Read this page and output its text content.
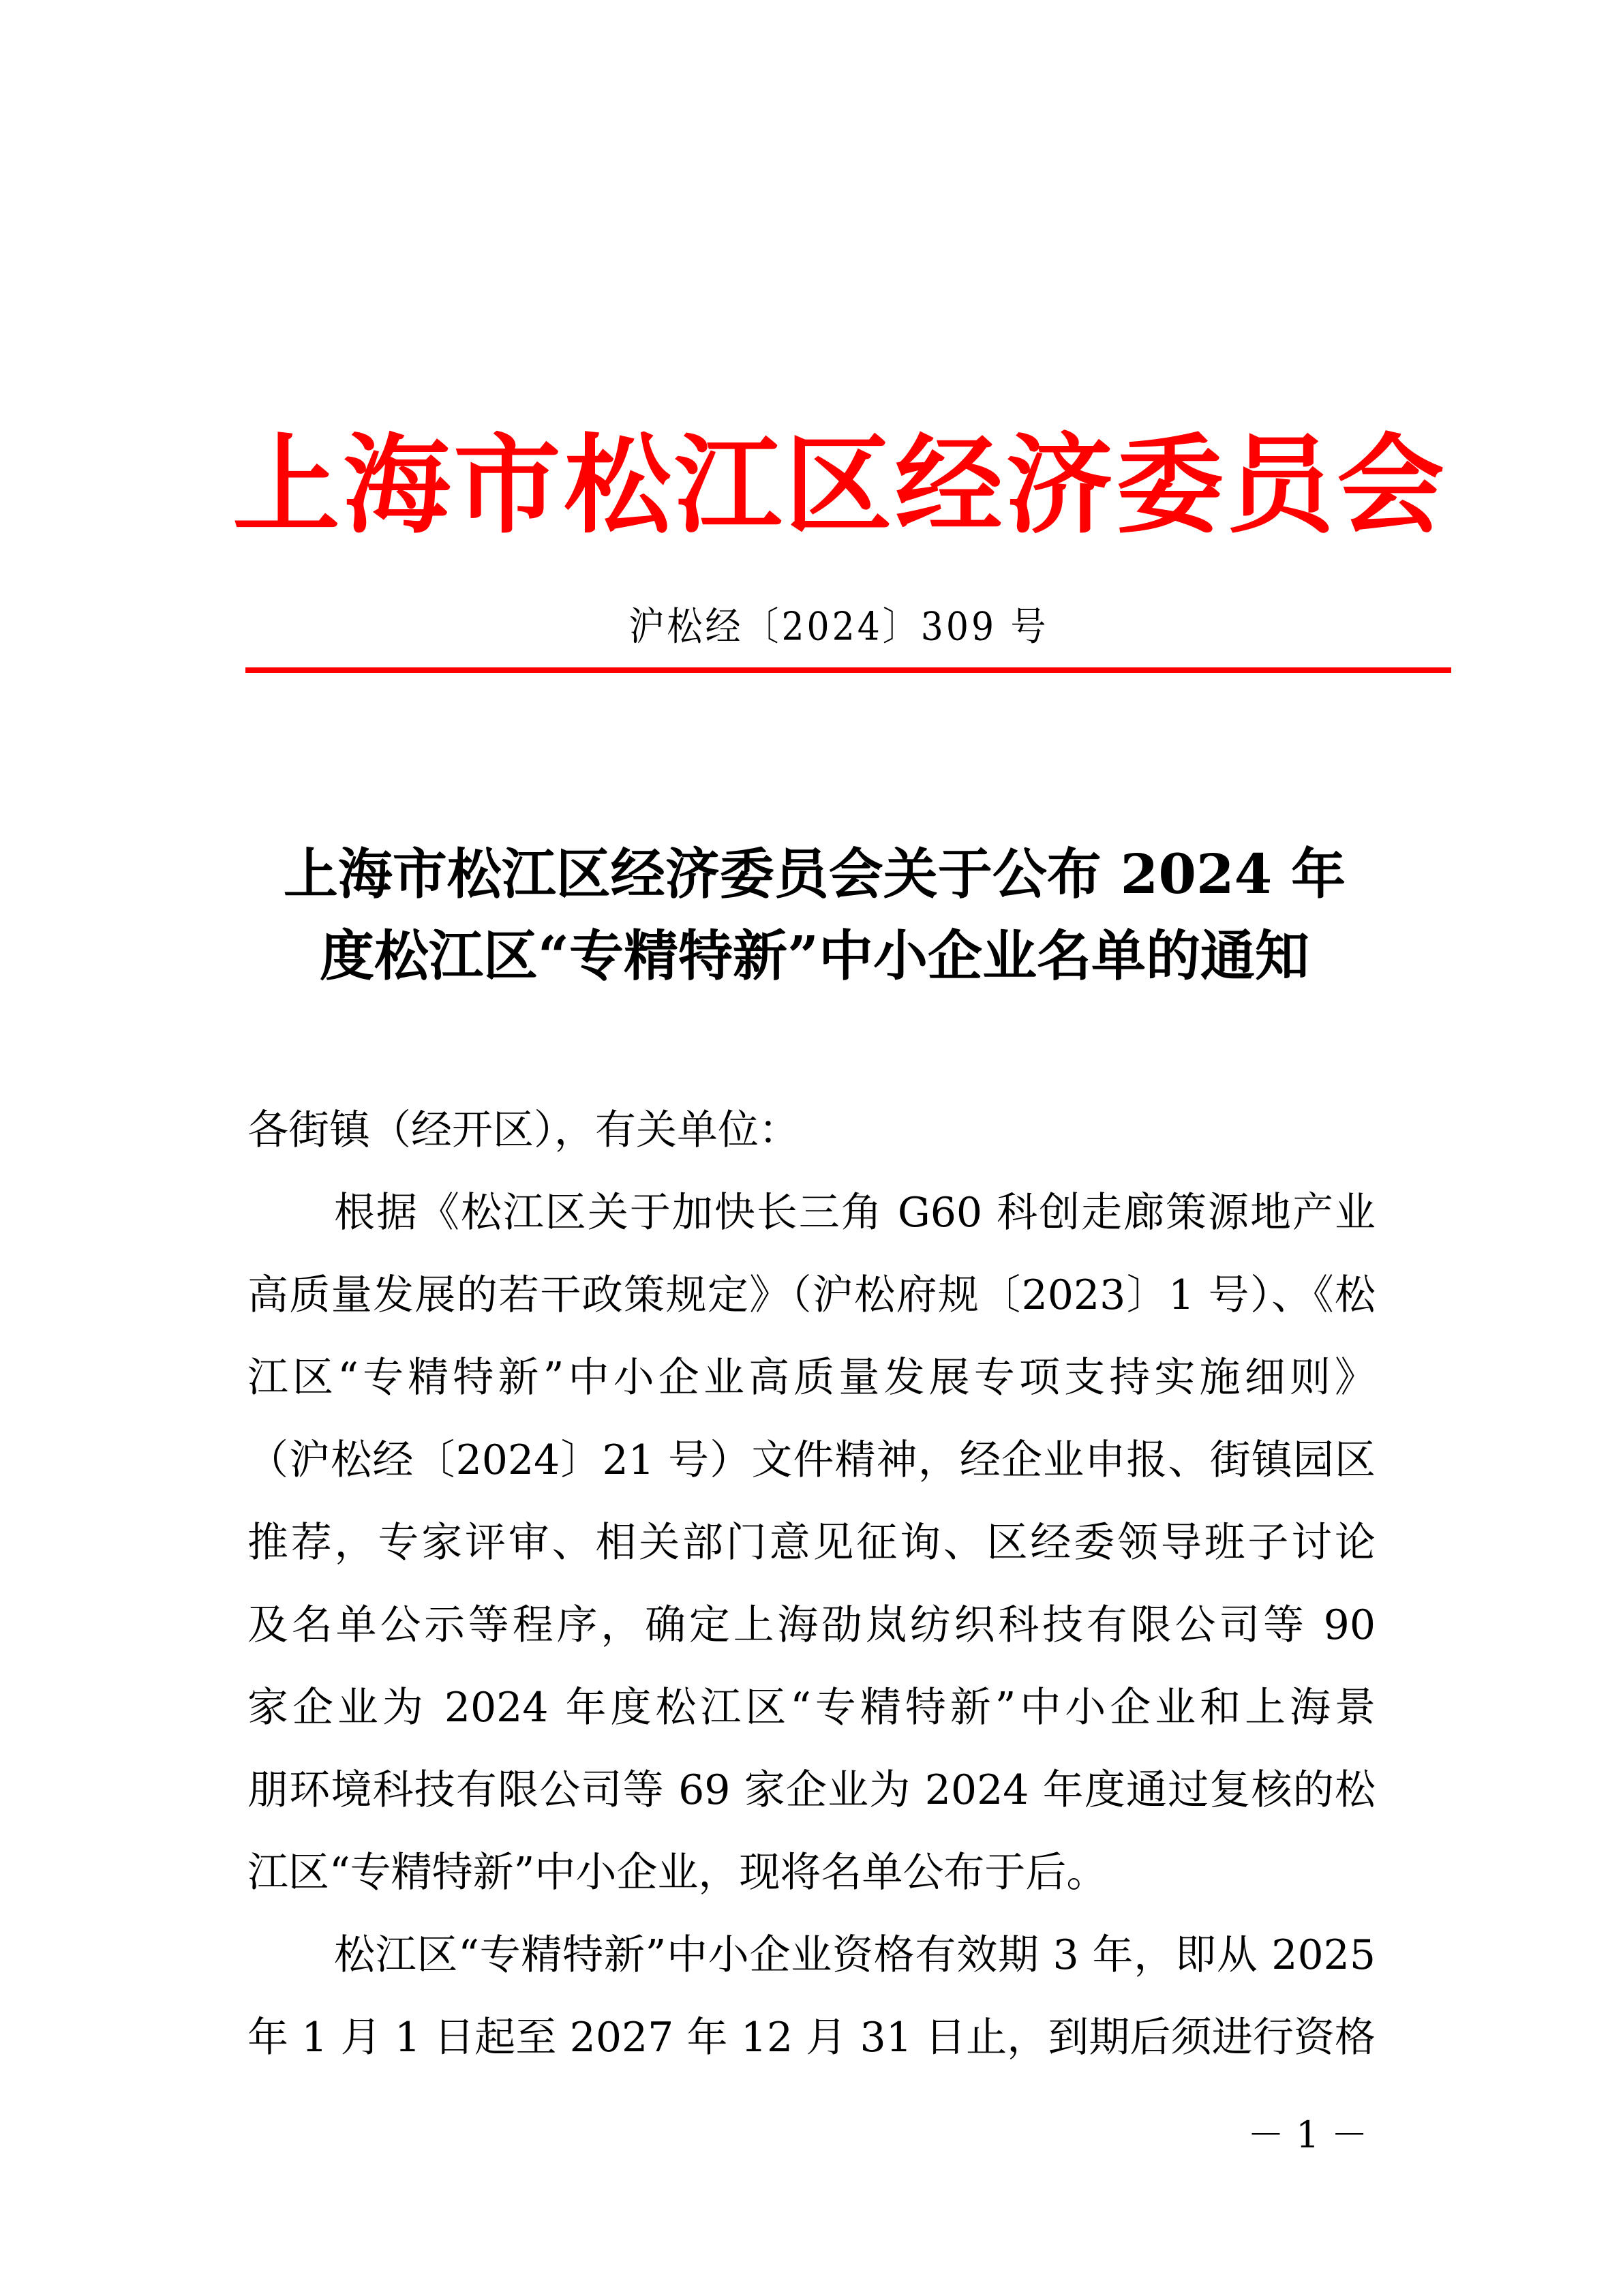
上 海 市 松 江 区 经 济 委 员 会
沪松经〔2024〕309 号
上海市松江区经济委员会关于公布 2024 年
度松江区“专精特新”中小企业名单的通知
各街镇（经开区），有关单位：
根据《松江区关于加快长三角 G60 科创走廊策源地产业
高质量发展的若干政策规定》（沪松府规〔2023〕1 号）、《松
江区“专精特新”中小企业高质量发展专项支持实施细则》
（沪松经〔2024〕21 号）文件精神，经企业申报、街镇园区
推荐，专家评审、相关部门意见征询、区经委领导班子讨论
及名单公示等程序，确定上海劭岚纺织科技有限公司等 90
家企业为 2024 年度松江区“专精特新”中小企业和上海景
朋环境科技有限公司等 69 家企业为 2024 年度通过复核的松
江区“专精特新”中小企业，现将名单公布于后。
松江区“专精特新”中小企业资格有效期 3 年，即从 2025
年 1 月 1 日起至 2027 年 12 月 31 日止，到期后须进行资格
－ 1 －
